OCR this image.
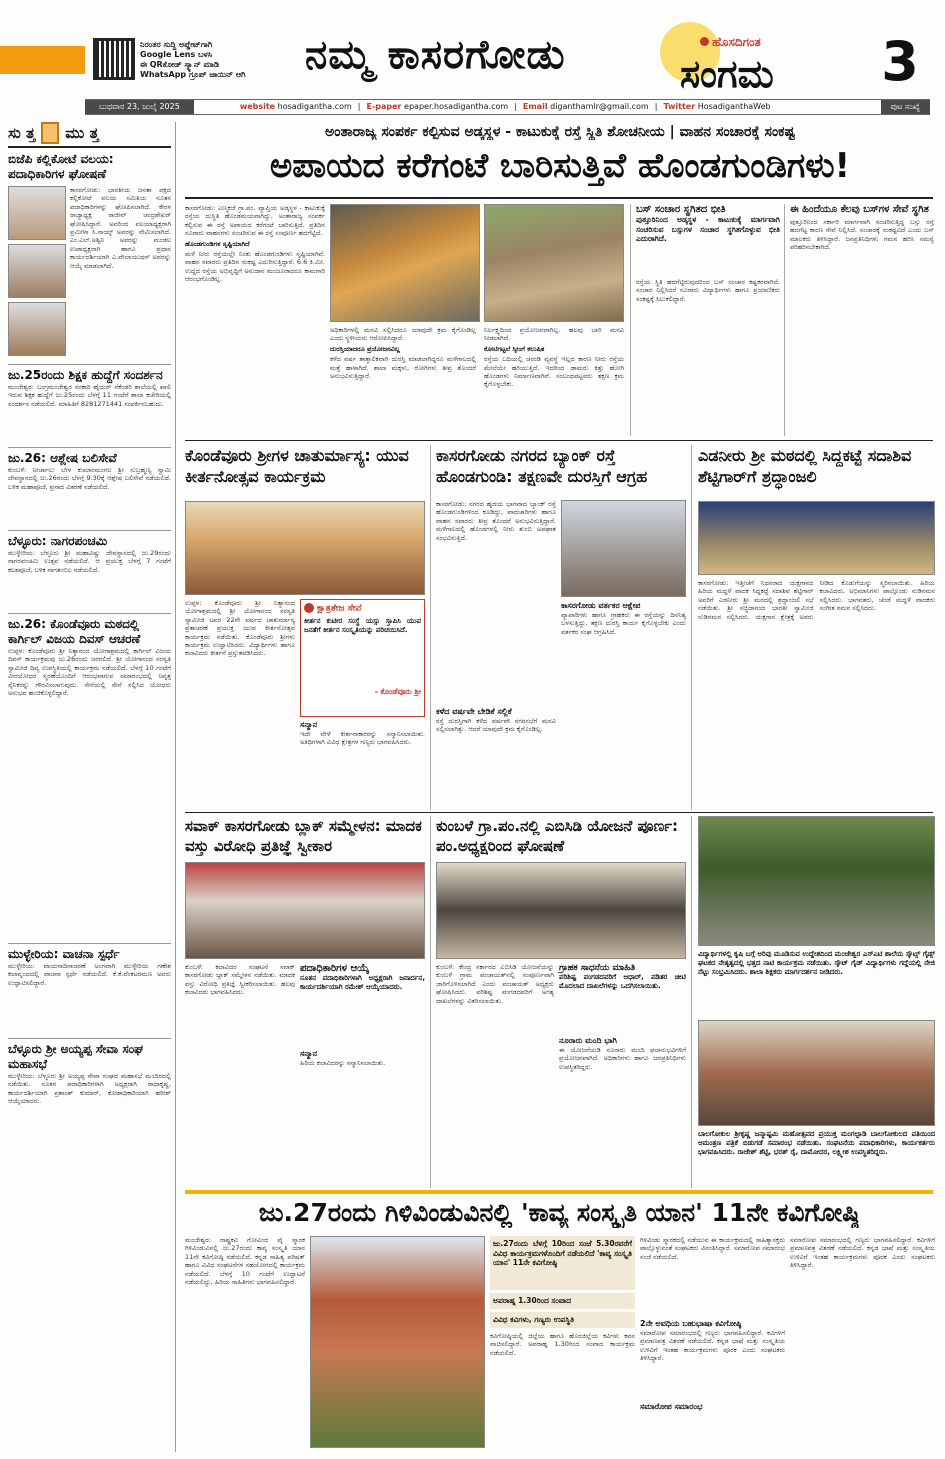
ನಿರಂತರ ಸುದ್ದಿ ಅಪ್ಡೇಟ್‌ಗಾಗಿ
Google Lens ಬಳಸಿ
ಈ QRಕೋಡ್ ಸ್ಕ್ಯಾನ್ ಮಾಡಿ
WhatsApp ಗ್ರೂಪ್ ಜಾಯಿನ್ ಆಗಿ	ನಮ್ಮ ಕಾಸರಗೋಡು	ಹೊಸದಿಗಂತ
ಸಂಗಮ 3
ಬುಧವಾರ 23, ಜುಲೈ 2025	website hosadigantha.com | E-paper epaper.hosadigantha.com | Email diganthamlr@gmail.com | Twitter HosadiganthaWeb	ಪುಟ ಸಂಖ್ಯೆ
ಸು ತ್ತ ಮು ತ್ತ
ಬಿಜೆಪಿ ಕಲ್ಲಿಕೋಟೆ ವಲಯ: ಪದಾಧಿಕಾರಿಗಳ ಘೋಷಣೆ
ಕಾಸರಗೋಡು: ಭಾರತೀಯ ಜನತಾ ಪಕ್ಷದ ಕಲ್ಲಿಕೋಟೆ ವಲಯ ಸಮಿತಿಯ ನೂತನ ಪದಾಧಿಕಾರಿಗಳನ್ನು ಘೋಷಿಸಲಾಗಿದೆ. ಕೇರಳ ರಾಜ್ಯಾಧ್ಯಕ್ಷ ರಾಜೀವ್ ಚಂದ್ರಶೇಖರ್ ಘೋಷಿಸಿದ್ದಾರೆ. ಅವರಿಂದ ವಲಯಾಧ್ಯಕ್ಷರಾಗಿ ಪ್ರಮೀಳಾ ಸಿ.ನಾಯ್ಕ್ ಅವರನ್ನು ನೇಮಿಸಲಾಗಿದೆ. ಎಂ.ಎಲ್.ಅಶ್ವಿನಿ ಅವರನ್ನು ಮಂಡಲ ಉಪಾಧ್ಯಕ್ಷರಾಗಿ ಹಾಗೂ ಪ್ರಧಾನ ಕಾರ್ಯದರ್ಶಿಯಾಗಿ ಎ.ವೇಲಾಯುಧನ್ ಅವರನ್ನು ಆಯ್ಕೆ ಮಾಡಲಾಗಿದೆ.
ಜು.25ರಂದು ಶಿಕ್ಷಕ ಹುದ್ದೆಗೆ ಸಂದರ್ಶನ
ಮಂಜೇಶ್ವರ: ಬಂಗ್ರಮಂಜೇಶ್ವರ ಸರಕಾರಿ ಹೈಯರ್ ಸೆಕೆಂಡರಿ ಶಾಲೆಯಲ್ಲಿ ಖಾಲಿ ಇರುವ ಶಿಕ್ಷಕ ಹುದ್ದೆಗೆ ಜು.25ರಂದು ಬೆಳಗ್ಗೆ 11 ಗಂಟೆಗೆ ಶಾಲಾ ಕಚೇರಿಯಲ್ಲಿ ಸಂದರ್ಶನ ನಡೆಯಲಿದೆ. ಮಾಹಿತಿಗೆ 8281271441 ಸಂಪರ್ಕಿಸಬಹುದು.
ಜು.26: ಆಶ್ಲೇಷ ಬಲಿಸೇವೆ
ಕುಂಬಳೆ: ನೀರ್ಚಾಲು ಬೇಳ ಕುಮಾರಮಂಗಲ ಶ್ರೀ ಸುಬ್ರಹ್ಮಣ್ಯ ಸ್ವಾಮಿ ದೇವಸ್ಥಾನದಲ್ಲಿ ಜು.26ರಂದು ಬೆಳಗ್ಗೆ 9.30ಕ್ಕೆ ಆಶ್ಲೇಷ ಬಲಿಸೇವೆ ನಡೆಯಲಿದೆ. ಬಳಿಕ ಮಹಾಪೂಜೆ, ಪ್ರಸಾದ ವಿತರಣೆ ನಡೆಯಲಿದೆ.
ಬೆಳ್ಳೂರು: ನಾಗರಪಂಚಮಿ
ಮುಳ್ಳೇರಿಯ: ಬೆಳ್ಳೂರು ಶ್ರೀ ಮಹಾವಿಷ್ಣು ದೇವಸ್ಥಾನದಲ್ಲಿ ಜು.29ರಂದು ನಾಗರಪಂಚಮಿ ಉತ್ಸವ ನಡೆಯಲಿದೆ. ಆ ಪ್ರಯುಕ್ತ ಬೆಳಗ್ಗೆ 7 ಗಂಟೆಗೆ ಕಲಶಪೂಜೆ, ಬಳಿಕ ನಾಗತಂಬಿಲ ನಡೆಯಲಿದೆ.
ಜು.26: ಕೊಂಡೆವೂರು ಮಠದಲ್ಲಿ ಕಾರ್ಗಿಲ್ ವಿಜಯ ದಿವಸ್ ಆಚರಣೆ
ಉಪ್ಪಳ: ಕೊಂಡೆವೂರು ಶ್ರೀ ನಿತ್ಯಾನಂದ ಯೋಗಾಶ್ರಮದಲ್ಲಿ ಕಾರ್ಗಿಲ್ ವಿಜಯ ದಿವಸ್ ಕಾರ್ಯಕ್ರಮವು ಜು.26ರಂದು ಜರಗಲಿದೆ. ಶ್ರೀ ಯೋಗಾನಂದ ಸರಸ್ವತಿ ಸ್ವಾಮೀಜಿ ದಿವ್ಯ ಉಪಸ್ಥಿತಿಯಲ್ಲಿ ಕಾರ್ಯಕ್ರಮ ನಡೆಯಲಿದೆ. ಬೆಳಗ್ಗೆ 10 ಗಂಟೆಗೆ ವೀರಯೋಧರ ಸ್ಮರಣೆಯೊಂದಿಗೆ ಆರಂಭವಾಗುವ ಸಮಾರಂಭದಲ್ಲಿ ನಿವೃತ್ತ ಸೈನಿಕರನ್ನು ಗೌರವಿಸಲಾಗುವುದು. ಸೇನೆಯಲ್ಲಿ ಸೇವೆ ಸಲ್ಲಿಸಿದ ಯೋಧರು ಅನುಭವ ಹಂಚಿಕೊಳ್ಳಲಿದ್ದಾರೆ.
ಮುಳ್ಳೇರಿಯ: ವಾಚನಾ ಸ್ಪರ್ಧೆ
ಮುಳ್ಳೇರಿಯ: ವಾಯನಾದಿನಾಚರಣೆ ಅಂಗವಾಗಿ ಮುಳ್ಳೇರಿಯ ಗಣೇಶ ಕಲಾವೃಂದದಲ್ಲಿ ವಾಚನಾ ಸ್ಪರ್ಧೆ ನಡೆಯಲಿದೆ. ಕೆ.ಕೆ.ವೆಂಕಟರಮಣ ಅವರು ಉದ್ಘಾಟಿಸಲಿದ್ದಾರೆ.
ಬೆಳ್ಳೂರು ಶ್ರೀ ಅಯ್ಯಪ್ಪ ಸೇವಾ ಸಂಘ ಮಹಾಸಭೆ
ಮುಳ್ಳೇರಿಯ: ಬೆಳ್ಳೂರು ಶ್ರೀ ಅಯ್ಯಪ್ಪ ಸೇವಾ ಸಂಘದ ಮಹಾಸಭೆ ಮಂದಿರದಲ್ಲಿ ನಡೆಯಿತು. ನೂತನ ಪದಾಧಿಕಾರಿಗಳಾಗಿ ಅಧ್ಯಕ್ಷರಾಗಿ ರಾಧಾಕೃಷ್ಣ, ಕಾರ್ಯದರ್ಶಿಯಾಗಿ ಪ್ರಶಾಂತ್ ಕುಮಾರ್, ಕೋಶಾಧಿಕಾರಿಯಾಗಿ ಹರೀಶ್ ಆಯ್ಕೆಯಾದರು.
ಅಂತಾರಾಜ್ಯ ಸಂಪರ್ಕ ಕಲ್ಪಿಸುವ ಅಡ್ಕಸ್ಥಳ - ಕಾಟುಕುಕ್ಕೆ ರಸ್ತೆ ಸ್ಥಿತಿ ಶೋಚನೀಯ | ವಾಹನ ಸಂಚಾರಕ್ಕೆ ಸಂಕಷ್ಟ
ಅಪಾಯದ ಕರೆಗಂಟೆ ಬಾರಿಸುತ್ತಿವೆ ಹೊಂಡಗುಂಡಿಗಳು!

ಕಾಸರಗೋಡು: ಎಣ್ಮಕಜೆ ಗ್ರಾ.ಪಂ. ವ್ಯಾಪ್ತಿಯ ಅಡ್ಕಸ್ಥಳ - ಕಾಟುಕುಕ್ಕೆ ರಸ್ತೆಯ ದುಸ್ಥಿತಿ ಹೊಂಡಮಯವಾಗಿದ್ದು, ಅಂತಾರಾಜ್ಯ ಸಂಪರ್ಕ ಕಲ್ಪಿಸುವ ಈ ರಸ್ತೆ ಅಪಾಯದ ಕರೆಗಂಟೆ ಬಾರಿಸುತ್ತಿದೆ. ಪ್ರತಿದಿನ ನೂರಾರು ವಾಹನಗಳು ಸಂಚರಿಸುವ ಈ ರಸ್ತೆ ಸಂಪೂರ್ಣ ಹದಗೆಟ್ಟಿದೆ.

ಹೊಂಡಗುಂಡಿಗಳ ಸೃಷ್ಟಿಯಾಗಿದೆ

ಮಳೆ ನೀರು ರಸ್ತೆಯಲ್ಲೇ ನಿಂತು ಹೊಂಡಗುಂಡಿಗಳು ಸೃಷ್ಟಿಯಾಗಿವೆ. ವಾಹನ ಸವಾರರು ಪ್ರತಿದಿನ ಸಂಕಷ್ಟ ಎದುರಿಸುತ್ತಿದ್ದಾರೆ. 6.6 ಕಿ.ಮೀ. ಉದ್ದದ ರಸ್ತೆಯ ಅಭಿವೃದ್ಧಿಗೆ ಅನುದಾನ ಮಂಜೂರಾದರೂ ಕಾಮಗಾರಿ ಆರಂಭಗೊಂಡಿಲ್ಲ.

ಅಧಿಕಾರಿಗಳಲ್ಲಿ ಮನವಿ ಸಲ್ಲಿಸಿದರೂ ಯಾವುದೇ ಕ್ರಮ ಕೈಗೊಂಡಿಲ್ಲ ಎಂದು ಸ್ಥಳೀಯರು ಆರೋಪಿಸಿದ್ದಾರೆ.

ದುರಸ್ತಿಯಾದರೂ ಪ್ರಯೋಜನವಿಲ್ಲ

ಕಳೆದ ವರ್ಷ ತಾತ್ಕಾಲಿಕವಾಗಿ ದುರಸ್ತಿ ಮಾಡಲಾಗಿದ್ದರೂ ಮಳೆಗಾಲದಲ್ಲಿ ಮತ್ತೆ ಹಾಳಾಗಿದೆ. ಶಾಲಾ ಮಕ್ಕಳು, ರೋಗಿಗಳು ತೀವ್ರ ತೊಂದರೆ ಅನುಭವಿಸುತ್ತಿದ್ದಾರೆ.

ನಿರ್ಲಕ್ಷ್ಯದಿಂದ ಪ್ರಯೋಜನವಾಗಿಲ್ಲ. ಹಲವು ಬಾರಿ ಮನವಿ ನೀಡಲಾಗಿದೆ.

ಕೋಟಿಗಟ್ಟಲೆ ಸ್ಕೀಂಗೆ ಕಲುಷಿತ

ರಸ್ತೆಯ ಬದಿಯಲ್ಲಿ ಚರಂಡಿ ವ್ಯವಸ್ಥೆ ಇಲ್ಲದ ಕಾರಣ ನೀರು ರಸ್ತೆಯ ಮೇಲೆಯೇ ಹರಿಯುತ್ತಿದೆ. ಇದರಿಂದ ಡಾಮರು ಕಿತ್ತು ಹೋಗಿ ಹೊಂಡಗಳು ನಿರ್ಮಾಣವಾಗಿವೆ. ಸಂಬಂಧಪಟ್ಟವರು ತಕ್ಷಣ ಕ್ರಮ ಕೈಗೊಳ್ಳಬೇಕು.

ಬಸ್ ಸಂಚಾರ ಸ್ಥಗಿತದ ಭೀತಿ
ಪುತ್ತೂರಿನಿಂದ ಅಡ್ಕಸ್ಥಳ - ಕಾಟುಕುಕ್ಕೆ ಮಾರ್ಗವಾಗಿ ಸಂಚರಿಸುವ ಬಸ್ಸುಗಳ ಸಂಚಾರ ಸ್ಥಗಿತಗೊಳ್ಳುವ ಭೀತಿ ಎದುರಾಗಿದೆ.
ರಸ್ತೆಯ ಸ್ಥಿತಿ ಹದಗೆಟ್ಟಿರುವುದರಿಂದ ಬಸ್ ಸಂಚಾರ ಕಷ್ಟಕರವಾಗಿದೆ. ಸಂಚಾರ ನಿಲ್ಲಿಸಿದರೆ ನೂರಾರು ವಿದ್ಯಾರ್ಥಿಗಳು ಹಾಗೂ ಪ್ರಯಾಣಿಕರು ಸಂಕಷ್ಟಕ್ಕೆ ಸಿಲುಕಲಿದ್ದಾರೆ.
ಈ ಹಿಂದೆಯೂ ಕೆಲವು ಬಸ್‌ಗಳ ಸೇವೆ ಸ್ಥಗಿತ
ಪುತ್ತೂರಿನಿಂದ ಸರ್ಕಾರಿ ಮಾರ್ಗವಾಗಿ ಸಂಚರಿಸುತ್ತಿದ್ದ ಬಸ್ಸು ರಸ್ತೆ ಹದಗೆಟ್ಟ ಕಾರಣ ಸೇವೆ ನಿಲ್ಲಿಸಿದೆ. ಸಂಚಾರಕ್ಕೆ ಸಂಕಷ್ಟವಿದೆ ಎಂದು ಬಸ್ ಮಾಲಕರು ತಿಳಿಸಿದ್ದಾರೆ. ಜನಪ್ರತಿನಿಧಿಗಳು ಗಮನ ಹರಿಸಿ ಸಮಸ್ಯೆ ಪರಿಹರಿಸಬೇಕಾಗಿದೆ.
ಕೊಂಡೆವೂರು ಶ್ರೀಗಳ ಚಾತುರ್ಮಾಸ್ಯ: ಯುವ ಕೀರ್ತನೋತ್ಸವ ಕಾರ್ಯಕ್ರಮ
ಉಪ್ಪಳ: ಕೊಂಡೆವೂರು ಶ್ರೀ ನಿತ್ಯಾನಂದ ಯೋಗಾಶ್ರಮದಲ್ಲಿ ಶ್ರೀ ಯೋಗಾನಂದ ಸರಸ್ವತಿ ಸ್ವಾಮೀಜಿ ಅವರ 22ನೇ ವರ್ಷದ ಚಾತುರ್ಮಾಸ್ಯ ವ್ರತಾಚರಣೆ ಪ್ರಯುಕ್ತ ಯುವ ಕೀರ್ತನೋತ್ಸವ ಕಾರ್ಯಕ್ರಮ ನಡೆಯಿತು. ಕೊಂಡೆವೂರು ಶ್ರೀಗಳು ಕಾರ್ಯಕ್ರಮ ಉದ್ಘಾಟಿಸಿದರು. ವಿದ್ಯಾರ್ಥಿಗಳು ಹಾಗೂ ಕಲಾವಿದರು ಕೀರ್ತನೆ ಪ್ರಸ್ತುತಪಡಿಸಿದರು.
ಕ್ಷಾತ್ರತೇಜ ಸೇವೆ
ಕೀರ್ತನ ಕುಟೀರ ಸಂಸ್ಥೆ ಯಸ್ಸು ಸ್ತಾಪಿಸಿ ಯುವ ಜನತೆಗೆ ಕೀರ್ತನ ಸಂಸ್ಕೃತಿಯನ್ನು ಪರಿಚಯಿಸಿದೆ.
- ಕೊಂಡೆವೂರು ಶ್ರೀ
ಸನ್ಮಾನ
ಇದೇ ವೇಳೆ ಕೀರ್ತನಾಕಾರರನ್ನು ಸನ್ಮಾನಿಸಲಾಯಿತು. ಅತಿಥಿಗಳಾಗಿ ವಿವಿಧ ಕ್ಷೇತ್ರಗಳ ಗಣ್ಯರು ಭಾಗವಹಿಸಿದರು.
ಕಾಸರಗೋಡು ನಗರದ ಬ್ಯಾಂಕ್ ರಸ್ತೆ ಹೊಂಡಗುಂಡಿ: ತಕ್ಷಣವೇ ದುರಸ್ತಿಗೆ ಆಗ್ರಹ
ಕಾಸರಗೋಡು: ನಗರದ ಹೃದಯ ಭಾಗವಾದ ಬ್ಯಾಂಕ್ ರಸ್ತೆ ಹೊಂಡಗುಂಡಿಗಳಿಂದ ಕೂಡಿದ್ದು, ಪಾದಚಾರಿಗಳು ಹಾಗೂ ವಾಹನ ಸವಾರರು ತೀವ್ರ ತೊಂದರೆ ಅನುಭವಿಸುತ್ತಿದ್ದಾರೆ. ಮಳೆಗಾಲದಲ್ಲಿ ಹೊಂಡಗಳಲ್ಲಿ ನೀರು ತುಂಬಿ ಅಪಘಾತ ಸಂಭವಿಸುತ್ತಿದೆ.
ಕಳೆದ ವರ್ಷವೇ ಬೇಡಿಕೆ ಸಲ್ಲಿಕೆ
ರಸ್ತೆ ದುರಸ್ತಿಗಾಗಿ ಕಳೆದ ವರ್ಷವೇ ನಗರಸಭೆಗೆ ಮನವಿ ಸಲ್ಲಿಸಲಾಗಿತ್ತು. ಆದರೆ ಯಾವುದೇ ಕ್ರಮ ಕೈಗೊಂಡಿಲ್ಲ.
ಕಾಸರಗೋಡು ವರ್ತಕರ ಆಕ್ಷೇಪ
ವ್ಯಾಪಾರಿಗಳು ಹಾಗೂ ಗ್ರಾಹಕರು ಈ ರಸ್ತೆಯನ್ನು ದಿನನಿತ್ಯ ಬಳಸುತ್ತಿದ್ದು, ತಕ್ಷಣ ದುರಸ್ತಿ ಕಾರ್ಯ ಕೈಗೊಳ್ಳಬೇಕು ಎಂದು ವರ್ತಕರ ಸಂಘ ಆಗ್ರಹಿಸಿದೆ.
ಎಡನೀರು ಶ್ರೀ ಮಠದಲ್ಲಿ ಸಿದ್ದಕಟ್ಟೆ ಸದಾಶಿವ ಶೆಟ್ಟಿಗಾರ್‌ಗೆ ಶ್ರದ್ಧಾಂಜಲಿ
ಕಾಸರಗೋಡು: ಇತ್ತೀಚೆಗೆ ನಿಧನರಾದ ಯಕ್ಷಗಾನದ ಹಿರಿಯ ಮದ್ದಳೆ ವಾದಕ ಸಿದ್ದಕಟ್ಟೆ ಸದಾಶಿವ ಶೆಟ್ಟಿಗಾರ್ ಅವರಿಗೆ ಎಡನೀರು ಶ್ರೀ ಮಠದಲ್ಲಿ ಶ್ರದ್ಧಾಂಜಲಿ ಸಭೆ ನಡೆಯಿತು. ಶ್ರೀ ಸಚ್ಚಿದಾನಂದ ಭಾರತೀ ಸ್ವಾಮೀಜಿ ನುಡಿನಮನ ಸಲ್ಲಿಸಿದರು. ಯಕ್ಷಗಾನ ಕ್ಷೇತ್ರಕ್ಕೆ ಅವರು ನೀಡಿದ ಕೊಡುಗೆಯನ್ನು ಸ್ಮರಿಸಲಾಯಿತು. ಹಿರಿಯ ಕಲಾವಿದರು, ಅಭಿಮಾನಿಗಳು ಪಾಲ್ಗೊಂಡು ನುಡಿನಮನ ಸಲ್ಲಿಸಿದರು. ಭಾಗವತರು, ಚೆಂಡೆ ಮದ್ದಳೆ ವಾದಕರು ಸಂಗೀತ ನಮನ ಸಲ್ಲಿಸಿದರು.
ಸವಾಕ್ ಕಾಸರಗೋಡು ಬ್ಲಾಕ್ ಸಮ್ಮೇಳನ: ಮಾದಕ ವಸ್ತು ವಿರೋಧಿ ಪ್ರತಿಜ್ಞೆ ಸ್ವೀಕಾರ
ಕುಂಬಳೆ: ಕಲಾವಿದರ ಸಂಘಟನೆ ಸವಾಕ್ ಕಾಸರಗೋಡು ಬ್ಲಾಕ್ ಸಮ್ಮೇಳನ ನಡೆಯಿತು. ಮಾದಕ ವಸ್ತು ವಿರೋಧಿ ಪ್ರತಿಜ್ಞೆ ಸ್ವೀಕರಿಸಲಾಯಿತು. ಹಲವು ಕಲಾವಿದರು ಭಾಗವಹಿಸಿದರು.
ಪದಾಧಿಕಾರಿಗಳ ಆಯ್ಕೆ
ನೂತನ ಪದಾಧಿಕಾರಿಗಳಾಗಿ ಅಧ್ಯಕ್ಷರಾಗಿ ಜನಾರ್ದನ, ಕಾರ್ಯದರ್ಶಿಯಾಗಿ ರಮೇಶ್ ಆಯ್ಕೆಯಾದರು.
ಸನ್ಮಾನ
ಹಿರಿಯ ಕಲಾವಿದರನ್ನು ಸನ್ಮಾನಿಸಲಾಯಿತು.
ಕುಂಬಳೆ ಗ್ರಾ.ಪಂ.ನಲ್ಲಿ ಎಬಿಸಿಡಿ ಯೋಜನೆ ಪೂರ್ಣ: ಪಂ.ಅಧ್ಯಕ್ಷರಿಂದ ಘೋಷಣೆ
ಕುಂಬಳೆ: ಕೇಂದ್ರ ಸರ್ಕಾರದ ಎಬಿಸಿಡಿ ಯೋಜನೆಯನ್ನು ಕುಂಬಳೆ ಗ್ರಾಮ ಪಂಚಾಯತ್‌ನಲ್ಲಿ ಸಂಪೂರ್ಣವಾಗಿ ಜಾರಿಗೊಳಿಸಲಾಗಿದೆ ಎಂದು ಪಂಚಾಯತ್ ಅಧ್ಯಕ್ಷರು ಘೋಷಿಸಿದರು. ಪರಿಶಿಷ್ಟ ಪಂಗಡದವರಿಗೆ ಅಗತ್ಯ ದಾಖಲೆಗಳನ್ನು ವಿತರಿಸಲಾಯಿತು.
ಗ್ರಾಹಕ ಸಾಧನೆಯ ಮಾಹಿತಿ
ಪರಿಶಿಷ್ಟ ಪಂಗಡದವರಿಗೆ ಆಧಾರ್, ಪಡಿತರ ಚೀಟಿ ಮೊದಲಾದ ದಾಖಲೆಗಳನ್ನು ಒದಗಿಸಲಾಯಿತು.
ನೂರಾರು ಮಂದಿ ಭಾಗಿ
ಈ ಯೋಜನೆಯಡಿ ನೂರಾರು ಮಂದಿ ಫಲಾನುಭವಿಗಳಿಗೆ ಪ್ರಯೋಜನವಾಗಿದೆ. ಅಧಿಕಾರಿಗಳು ಹಾಗೂ ಜನಪ್ರತಿನಿಧಿಗಳು ಉಪಸ್ಥಿತರಿದ್ದರು.
ವಿದ್ಯಾರ್ಥಿಗಳಲ್ಲಿ ಕೃಷಿ ಬಗ್ಗೆ ಅರಿವು ಮೂಡಿಸುವ ಉದ್ದೇಶದಿಂದ ಮಂಜೇಶ್ವರ ಎಸ್‌ಎಟಿ ಶಾಲೆಯ ಸ್ಕೌಟ್ಸ್ ಗೈಡ್ಸ್ ಘಟಕದ ನೇತೃತ್ವದಲ್ಲಿ ಭತ್ತದ ನಾಟಿ ಕಾರ್ಯಕ್ರಮ ನಡೆಯಿತು. ಸ್ಕೌಟ್ ಗೈಡ್ ವಿದ್ಯಾರ್ಥಿಗಳು ಗದ್ದೆಯಲ್ಲಿ ನೇಜಿ ನೆಟ್ಟು ಸಂಭ್ರಮಿಸಿದರು. ಶಾಲಾ ಶಿಕ್ಷಕರು ಮಾರ್ಗದರ್ಶನ ನೀಡಿದರು.
ಬಾಲಗೋಕುಲ ಶ್ರೀಕೃಷ್ಣ ಜನ್ಮಾಷ್ಟಮಿ ಮಹೋತ್ಸವದ ಪ್ರಯುಕ್ತ ಮಂಗಲ್ಪಾಡಿ ಬಾಲಗೋಕುಲದ ವತಿಯಿಂದ ಆಮಂತ್ರಣ ಪತ್ರಿಕೆ ಬಿಡುಗಡೆ ಸಮಾರಂಭ ನಡೆಯಿತು. ಸಂಘಟನೆಯ ಪದಾಧಿಕಾರಿಗಳು, ಕಾರ್ಯಕರ್ತರು ಭಾಗವಹಿಸಿದರು. ರಾಜೇಶ್ ಶೆಟ್ಟಿ, ಭರತ್ ರೈ, ದಾಮೋದರ, ಲಕ್ಷ್ಮೀಶ ಉಪಸ್ಥಿತರಿದ್ದರು.
ಜು.27ರಂದು ಗಿಳಿವಿಂಡುವಿನಲ್ಲಿ 'ಕಾವ್ಯ ಸಂಸ್ಕೃತಿ ಯಾನ' 11ನೇ ಕವಿಗೋಷ್ಠಿ
ಮಂಜೇಶ್ವರ: ರಾಷ್ಟ್ರಕವಿ ಗೋವಿಂದ ಪೈ ಸ್ಮಾರಕ ಗಿಳಿವಿಂಡುವಿನಲ್ಲಿ ಜು.27ರಂದು ಕಾವ್ಯ ಸಂಸ್ಕೃತಿ ಯಾನ 11ನೇ ಕವಿಗೋಷ್ಠಿ ನಡೆಯಲಿದೆ. ಕನ್ನಡ ಸಾಹಿತ್ಯ ಪರಿಷತ್ ಹಾಗೂ ವಿವಿಧ ಸಂಘಟನೆಗಳ ಸಹಯೋಗದಲ್ಲಿ ಕಾರ್ಯಕ್ರಮ ನಡೆಯಲಿದೆ. ಬೆಳಗ್ಗೆ 10 ಗಂಟೆಗೆ ಉದ್ಘಾಟನೆ ನಡೆಯಲಿದ್ದು, ಹಿರಿಯ ಸಾಹಿತಿಗಳು ಭಾಗವಹಿಸಲಿದ್ದಾರೆ.
ಜು.27ರಂದು ಬೆಳಗ್ಗೆ 10ರಿಂದ ಸಂಜೆ 5.30ರವರೆಗೆ ವಿವಿಧ ಕಾರ್ಯಕ್ರಮಗಳೊಂದಿಗೆ ನಡೆಯಲಿದೆ 'ಕಾವ್ಯ ಸಂಸ್ಕೃತಿ ಯಾನ' 11ನೇ ಕವಿಗೋಷ್ಠಿ
ಅಪರಾಹ್ನ 1.30ರಿಂದ ಸಂವಾದ
ವಿವಿಧ ಕವಿಗಳು, ಗಣ್ಯರು ಉಪಸ್ಥಿತಿ
ಕವಿಗೋಷ್ಠಿಯಲ್ಲಿ ಜಿಲ್ಲೆಯ ಹಾಗೂ ಹೊರಜಿಲ್ಲೆಯ ಕವಿಗಳು ಕವನ ವಾಚಿಸಲಿದ್ದಾರೆ. ಅಪರಾಹ್ನ 1.30ರಿಂದ ಸಂವಾದ ಕಾರ್ಯಕ್ರಮ ನಡೆಯಲಿದೆ.
ಗಿಳಿವಿಂಡು ಸ್ಮಾರಕದಲ್ಲಿ ನಡೆಯುವ ಈ ಕಾರ್ಯಕ್ರಮದಲ್ಲಿ ಸಾಹಿತ್ಯಾಸಕ್ತರು ಪಾಲ್ಗೊಳ್ಳುವಂತೆ ಸಂಘಟಕರು ವಿನಂತಿಸಿದ್ದಾರೆ. ಸಮಾರೋಪ ಸಮಾರಂಭ ಸಂಜೆ ನಡೆಯಲಿದೆ.
2ನೇ ಅವಧಿಯ ಬಹುಭಾಷಾ ಕವಿಗೋಷ್ಠಿ
ಸಮಾರೋಪ ಸಮಾರಂಭದಲ್ಲಿ ಗಣ್ಯರು ಭಾಗವಹಿಸಲಿದ್ದಾರೆ. ಕವಿಗಳಿಗೆ ಪ್ರಮಾಣಪತ್ರ ವಿತರಣೆ ನಡೆಯಲಿದೆ. ಕನ್ನಡ ಭಾಷೆ ಮತ್ತು ಸಂಸ್ಕೃತಿಯ ಉಳಿವಿಗೆ ಇಂತಹ ಕಾರ್ಯಕ್ರಮಗಳು ಪೂರಕ ಎಂದು ಸಂಘಟಕರು ತಿಳಿಸಿದ್ದಾರೆ.
ಸಮಾರೋಪ ಸಮಾರಂಭ
ಸಮಾರೋಪ ಸಮಾರಂಭದಲ್ಲಿ ಗಣ್ಯರು ಭಾಗವಹಿಸಲಿದ್ದಾರೆ. ಕವಿಗಳಿಗೆ ಪ್ರಮಾಣಪತ್ರ ವಿತರಣೆ ನಡೆಯಲಿದೆ. ಕನ್ನಡ ಭಾಷೆ ಮತ್ತು ಸಂಸ್ಕೃತಿಯ ಉಳಿವಿಗೆ ಇಂತಹ ಕಾರ್ಯಕ್ರಮಗಳು ಪೂರಕ ಎಂದು ಸಂಘಟಕರು ತಿಳಿಸಿದ್ದಾರೆ.
